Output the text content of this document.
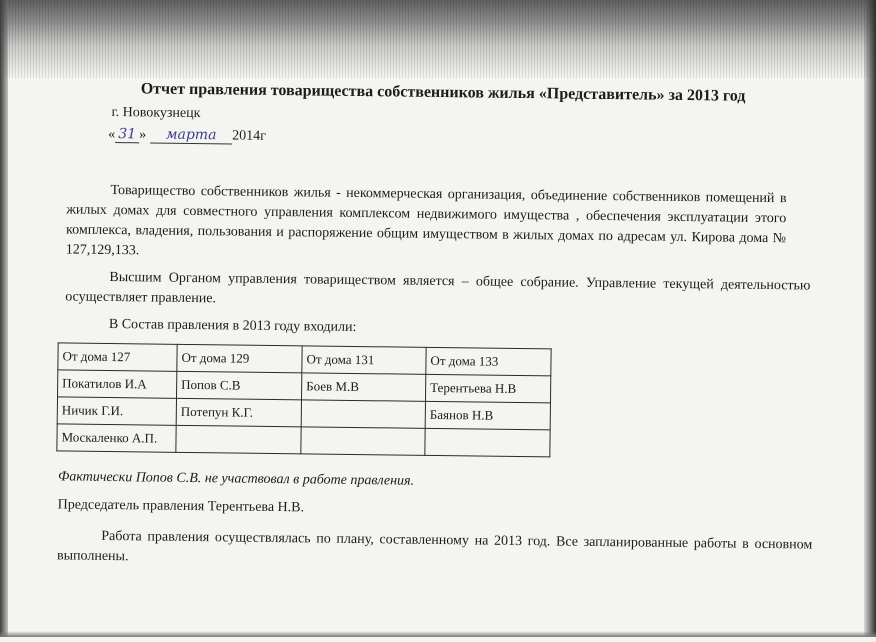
Отчет правления товарищества собственников жилья «Представитель» за 2013 год
г. Новокузнецк
« 31 » марта 2014г
Товарищество собственников жилья - некоммерческая организация, объединение собственников помещений в жилых домах для совместного управления комплексом недвижимого имущества , обеспечения эксплуатации этого комплекса, владения, пользования и распоряжение общим имуществом в жилых домах по адресам ул. Кирова дома № 127,129,133.
Высшим Органом управления товариществом является – общее собрание. Управление текущей деятельностью осуществляет правление.
В Состав правления в 2013 году входили:
От дома 127	От дома 129	От дома 131	От дома 133
Покатилов И.А	Попов С.В	Боев М.В	Терентьева Н.В
Ничик Г.И.	Потепун К.Г.		Баянов Н.В
Москаленко А.П.			
Фактически Попов С.В. не участвовал в работе правления.
Председатель правления Терентьева Н.В.
Работа правления осуществлялась по плану, составленному на 2013 год. Все запланированные работы в основном выполнены.
